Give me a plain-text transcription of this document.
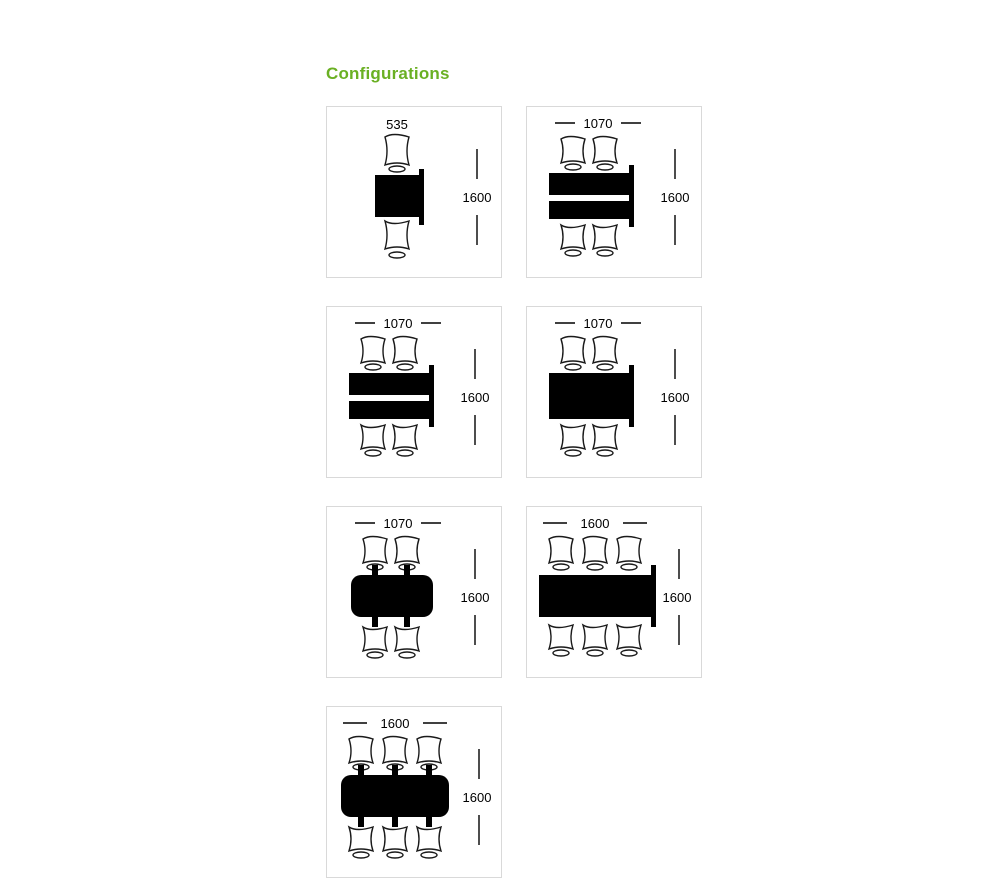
Configurations
535
1600
1070
1600
1070
1600
1070
1600
1070
1600
1600
1600
1600
1600
